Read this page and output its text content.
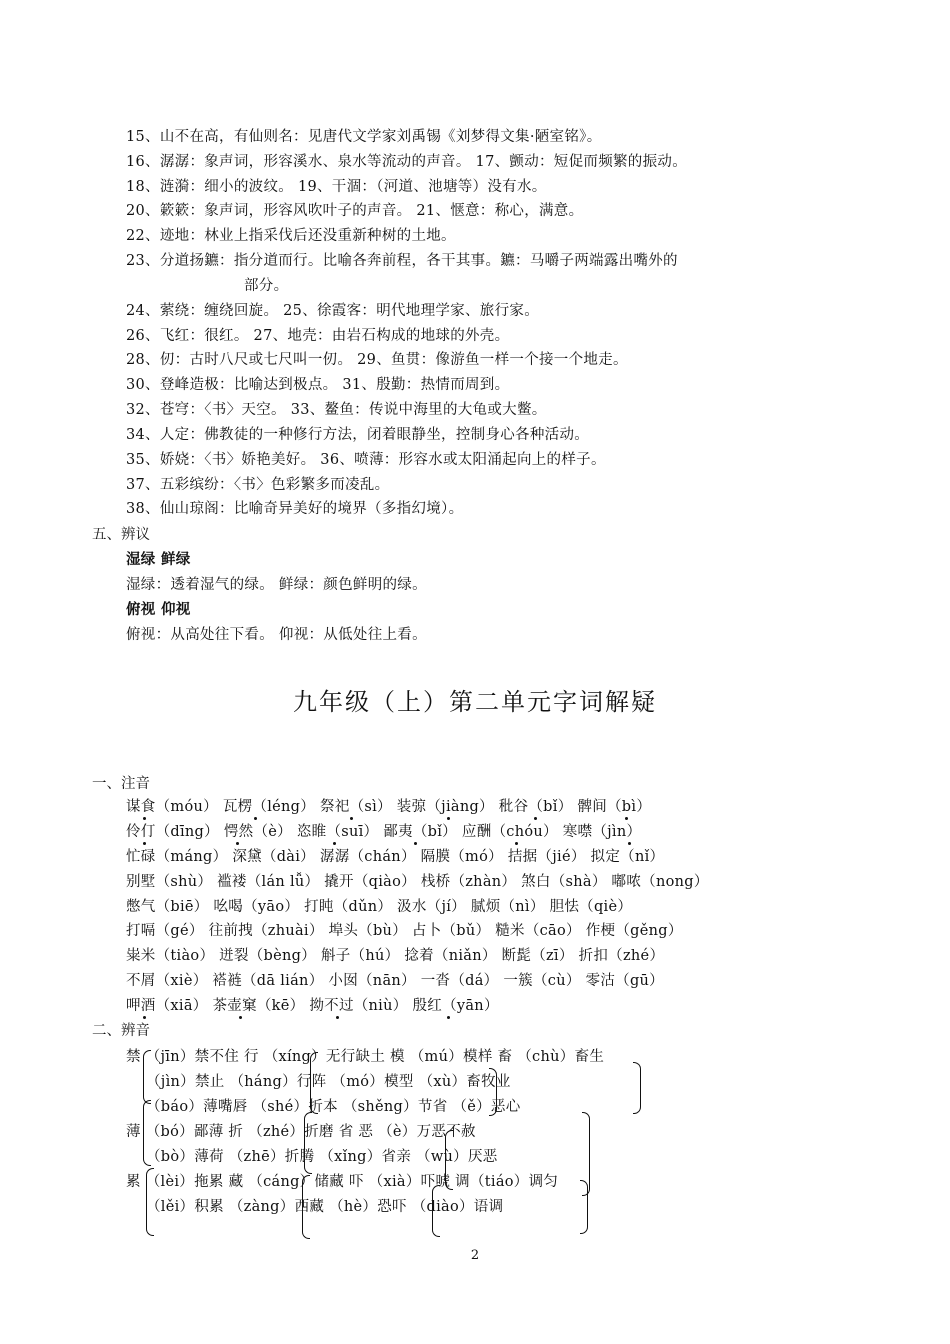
15、山不在高，有仙则名：见唐代文学家刘禹锡《刘梦得文集·陋室铭》。
16、潺潺：象声词，形容溪水、泉水等流动的声音。 17、颤动：短促而频繁的振动。
18、涟漪：细小的波纹。 19、干涸：（河道、池塘等）没有水。
20、簌簌：象声词，形容风吹叶子的声音。 21、惬意：称心，满意。
22、迹地：林业上指采伐后还没重新种树的土地。
23、分道扬鑣：指分道而行。比喻各奔前程，各干其事。鑣：马嚼子两端露出嘴外的
部分。
24、萦绕：缠绕回旋。 25、徐霞客：明代地理学家、旅行家。
26、飞红：很红。 27、地壳：由岩石构成的地球的外壳。
28、仞：古时八尺或七尺叫一仞。 29、鱼贯：像游鱼一样一个接一个地走。
30、登峰造极：比喻达到极点。 31、殷勤：热情而周到。
32、苍穹：〈书〉天空。 33、鳌鱼：传说中海里的大龟或大鳖。
34、人定：佛教徒的一种修行方法，闭着眼静坐，控制身心各种活动。
35、娇娆：〈书〉娇艳美好。 36、喷薄：形容水或太阳涌起向上的样子。
37、五彩缤纷：〈书〉色彩繁多而凌乱。
38、仙山琼阁：比喻奇异美好的境界（多指幻境）。
五、辨议
湿绿 鲜绿
湿绿：透着湿气的绿。 鲜绿：颜色鲜明的绿。
俯视 仰视
俯视：从高处往下看。 仰视：从低处往上看。
九年级（上）第二单元字词解疑
一、注音
谋食（móu） 瓦楞（léng） 祭祀（sì） 装弶（jiàng） 秕谷（bǐ） 髀间（bì）
伶仃（dīng） 愕然（è） 恣睢（suī） 鄙夷（bǐ） 应酬（chóu） 寒噤（jìn）
忙碌（máng） 深黛（dài） 潺潺（chán） 隔膜（mó） 拮据（jié） 拟定（nǐ）
别墅（shù） 褴褛（lán lǚ） 撬开（qiào） 栈桥（zhàn） 煞白（shà） 嘟哝（nong）
憋气（biē） 吆喝（yāo） 打盹（dǔn） 汲水（jí） 腻烦（nì） 胆怯（qiè）
打嗝（gé） 往前拽（zhuài） 埠头（bù） 占卜（bǔ） 糙米（cāo） 作梗（gěng）
粜米（tiào） 迸裂（bèng） 斛子（hú） 捻着（niǎn） 断髭（zī） 折扣（zhé）
不屑（xiè） 褡裢（dā lián） 小囡（nān） 一沓（dá） 一簇（cù） 零沽（gū）
呷酒（xiā） 茶壶窠（kē） 拗不过（niù） 殷红（yān）
二、辨音
禁 （jīn）禁不住 行 （xíng）无行缺土 模 （mú）模样 畜 （chù）畜生
（jìn）禁止 （háng）行阵 （mó）模型 （xù）畜牧业
（báo）薄嘴唇 （shé）折本 （shěng）节省 （ě）恶心
薄 （bó）鄙薄 折 （zhé）折磨 省 恶 （è）万恶不赦
（bò）薄荷 （zhē）折腾 （xǐng）省亲 （wù）厌恶
累 （lèi）拖累 藏 （cáng）储藏 吓 （xià）吓唬 调（tiáo）调匀
（lěi）积累 （zàng）西藏 （hè）恐吓 （diào）语调
2
